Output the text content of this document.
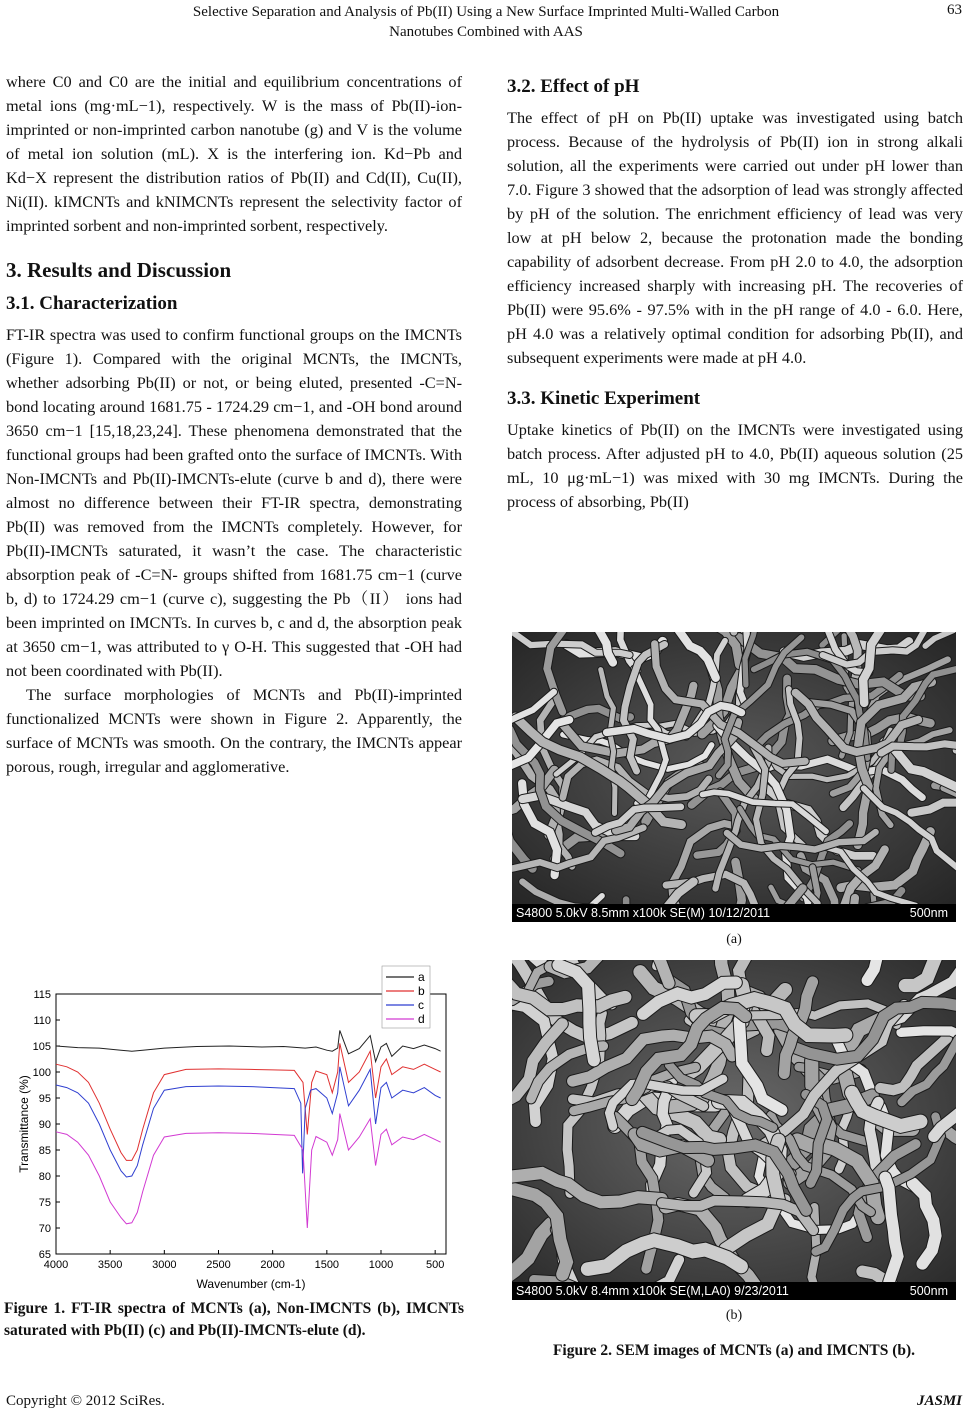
Selective Separation and Analysis of Pb(II) Using a New Surface Imprinted Multi-Walled Carbon
Nanotubes Combined with AAS
63

where C0 and C0 are the initial and equilibrium concentrations of metal ions (mg·mL−1), respectively. W is the mass of Pb(II)-ion-imprinted or non-imprinted carbon nanotube (g) and V is the volume of metal ion solution (mL). X is the interfering ion. Kd−Pb and Kd−X represent the distribution ratios of Pb(II) and Cd(II), Cu(II), Ni(II). kIMCNTs and kNIMCNTs represent the selectivity factor of imprinted sorbent and non-imprinted sorbent, respectively.

3. Results and Discussion
3.1. Characterization

FT-IR spectra was used to confirm functional groups on the IMCNTs (Figure 1). Compared with the original MCNTs, the IMCNTs, whether adsorbing Pb(II) or not, or being eluted, presented -C=N- bond locating around 1681.75 - 1724.29 cm−1, and -OH bond around 3650 cm−1 [15,18,23,24]. These phenomena demonstrated that the functional groups had been grafted onto the surface of IMCNTs. With Non-IMCNTs and Pb(II)-IMCNTs-elute (curve b and d), there were almost no difference between their FT-IR spectra, demonstrating Pb(II) was removed from the IMCNTs completely. However, for Pb(II)-IMCNTs saturated, it wasn’t the case. The characteristic absorption peak of -C=N- groups shifted from 1681.75 cm−1 (curve b, d) to 1724.29 cm−1 (curve c), suggesting the Pb（II） ions had been imprinted on IMCNTs. In curves b, c and d, the absorption peak at 3650 cm−1, was attributed to γ O-H. This suggested that -OH had not been coordinated with Pb(II).

The surface morphologies of MCNTs and Pb(II)-imprinted functionalized MCNTs were shown in Figure 2. Apparently, the surface of MCNTs was smooth. On the contrary, the IMCNTs appear porous, rough, irregular and agglomerative.

3.2. Effect of pH

The effect of pH on Pb(II) uptake was investigated using batch process. Because of the hydrolysis of Pb(II) ion in strong alkali solution, all the experiments were carried out under pH lower than 7.0. Figure 3 showed that the adsorption of lead was strongly affected by pH of the solution. The enrichment efficiency of lead was very low at pH below 2, because the protonation made the bonding capability of adsorbent decrease. From pH 2.0 to 4.0, the adsorption efficiency increased sharply with increasing pH. The recoveries of Pb(II) were 95.6% - 97.5% with in the pH range of 4.0 - 6.0. Here, pH 4.0 was a relatively optimal condition for adsorbing Pb(II), and subsequent experiments were made at pH 4.0.

3.3. Kinetic Experiment

Uptake kinetics of Pb(II) on the IMCNTs were investigated using batch process. After adjusted pH to 4.0, Pb(II) aqueous solution (25 mL, 10 μg·mL−1) was mixed with 30 mg IMCNTs. During the process of absorbing, Pb(II)

65
70
75
80
85
90
95
100
105
110
115
4000	3500	3000	2500	2000	1500	1000	500
Wavenumber (cm-1)
Transmittance (%)
a
b
c
d
Figure 1. FT-IR spectra of MCNTs (a), Non-IMCNTS (b), IMCNTs saturated with Pb(II) (c) and Pb(II)-IMCNTs-elute (d).
S4800 5.0kV 8.5mm x100k SE(M) 10/12/2011	500nm
(a)
S4800 5.0kV 8.4mm x100k SE(M,LA0) 9/23/2011	500nm
(b)
Figure 2. SEM images of MCNTs (a) and IMCNTS (b).
Copyright © 2012 SciRes.	JASMI
